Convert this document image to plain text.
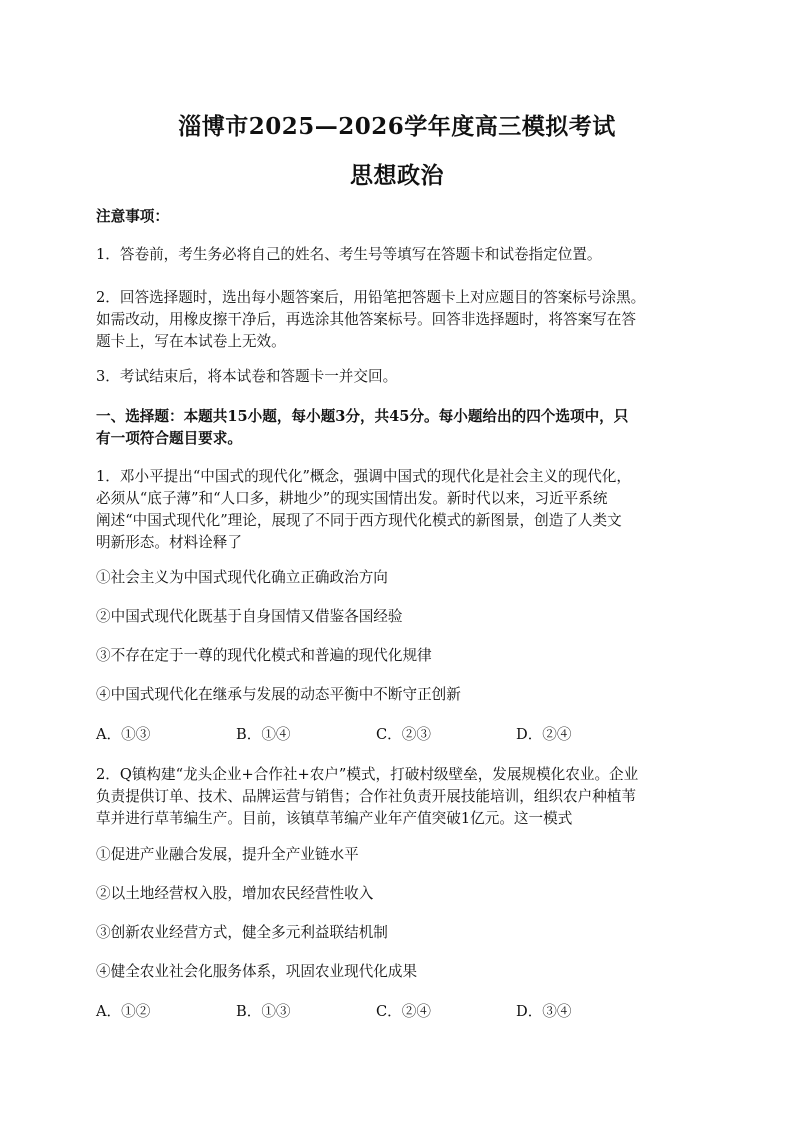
淄博市2025—2026学年度高三模拟考试
思想政治
注意事项：
1．答卷前，考生务必将自己的姓名、考生号等填写在答题卡和试卷指定位置。
2．回答选择题时，选出每小题答案后，用铅笔把答题卡上对应题目的答案标号涂黑。
如需改动，用橡皮擦干净后，再选涂其他答案标号。回答非选择题时，将答案写在答
题卡上，写在本试卷上无效。
3．考试结束后，将本试卷和答题卡一并交回。
一、选择题：本题共15小题，每小题3分，共45分。每小题给出的四个选项中，只
有一项符合题目要求。
1．邓小平提出“中国式的现代化”概念，强调中国式的现代化是社会主义的现代化，
必须从“底子薄”和“人口多，耕地少”的现实国情出发。新时代以来，习近平系统
阐述“中国式现代化”理论，展现了不同于西方现代化模式的新图景，创造了人类文
明新形态。材料诠释了
①社会主义为中国式现代化确立正确政治方向
②中国式现代化既基于自身国情又借鉴各国经验
③不存在定于一尊的现代化模式和普遍的现代化规律
④中国式现代化在继承与发展的动态平衡中不断守正创新
A．①③	B．①④	C．②③	D．②④
2．Q镇构建“龙头企业+合作社+农户”模式，打破村级壁垒，发展规模化农业。企业
负责提供订单、技术、品牌运营与销售；合作社负责开展技能培训，组织农户种植苇
草并进行草苇编生产。目前，该镇草苇编产业年产值突破1亿元。这一模式
①促进产业融合发展，提升全产业链水平
②以土地经营权入股，增加农民经营性收入
③创新农业经营方式，健全多元利益联结机制
④健全农业社会化服务体系，巩固农业现代化成果
A．①②	B．①③	C．②④	D．③④
